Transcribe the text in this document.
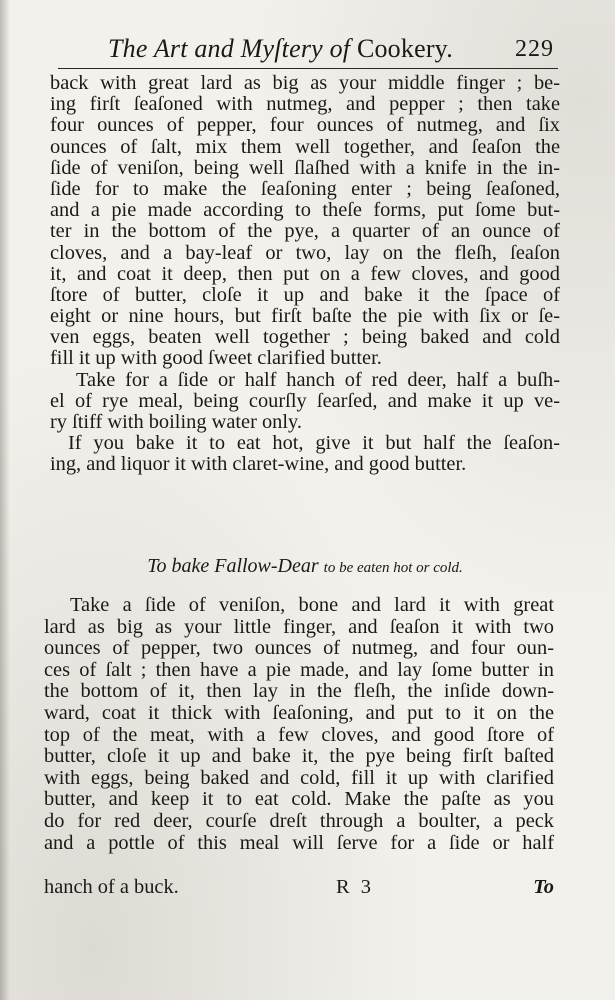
The Art and Myſtery of Cookery.	229
back with great lard as big as your middle finger ; be-
ing firſt ſeaſoned with nutmeg, and pepper ; then take
four ounces of pepper, four ounces of nutmeg, and ſix
ounces of ſalt, mix them well together, and ſeaſon the
ſide of veniſon, being well ſlaſhed with a knife in the in-
ſide for to make the ſeaſoning enter ; being ſeaſoned,
and a pie made according to theſe forms, put ſome but-
ter in the bottom of the pye, a quarter of an ounce of
cloves, and a bay-leaf or two, lay on the fleſh, ſeaſon
it, and coat it deep, then put on a few cloves, and good
ſtore of butter, cloſe it up and bake it the ſpace of
eight or nine hours, but firſt baſte the pie with ſix or ſe-
ven eggs, beaten well together ; being baked and cold
fill it up with good ſweet clarified butter.
Take for a ſide or half hanch of red deer, half a buſh-
el of rye meal, being courſly ſearſed, and make it up ve-
ry ſtiff with boiling water only.
If you bake it to eat hot, give it but half the ſeaſon-
ing, and liquor it with claret-wine, and good butter.
To bake Fallow-Dear to be eaten hot or cold.
Take a ſide of veniſon, bone and lard it with great
lard as big as your little finger, and ſeaſon it with two
ounces of pepper, two ounces of nutmeg, and four oun-
ces of ſalt ; then have a pie made, and lay ſome butter in
the bottom of it, then lay in the fleſh, the inſide down-
ward, coat it thick with ſeaſoning, and put to it on the
top of the meat, with a few cloves, and good ſtore of
butter, cloſe it up and bake it, the pye being firſt baſted
with eggs, being baked and cold, fill it up with clarified
butter, and keep it to eat cold. Make the paſte as you
do for red deer, courſe dreſt through a boulter, a peck
and a pottle of this meal will ſerve for a ſide or half
hanch of a buck.	R 3	To
